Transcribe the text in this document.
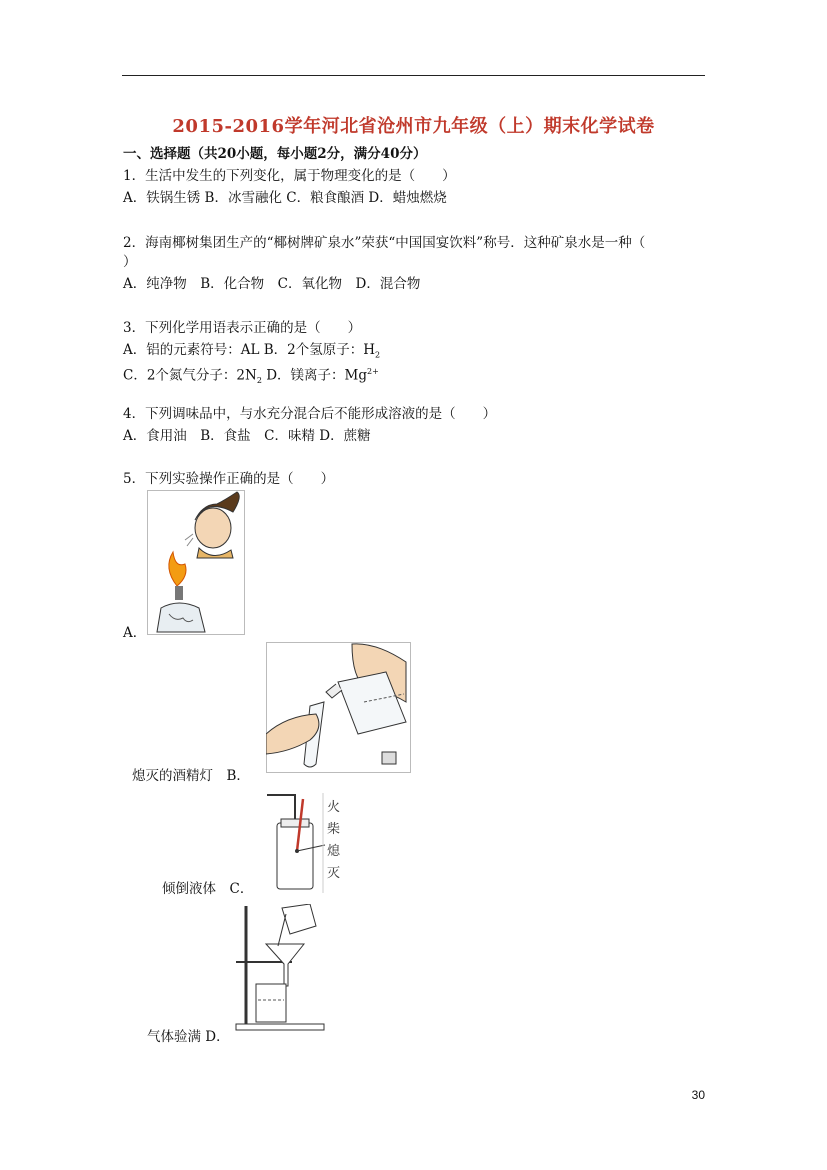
2015-2016学年河北省沧州市九年级（上）期末化学试卷
一、选择题（共20小题，每小题2分，满分40分）
1．生活中发生的下列变化，属于物理变化的是（　　）
A．铁锅生锈 B．冰雪融化 C．粮食酿酒 D．蜡烛燃烧
2．海南椰树集团生产的“椰树牌矿泉水”荣获“中国国宴饮料”称号．这种矿泉水是一种（
）
A．纯净物　B．化合物　C．氧化物　D．混合物
3．下列化学用语表示正确的是（　　）
A．铝的元素符号：AL B．2个氢原子：$H_2$
C．2个氮气分子：$2N_2$ D．镁离子：$Mg^{2+}$
4．下列调味品中，与水充分混合后不能形成溶液的是（　　）
A．食用油　B．食盐　C．味精 D．蔗糖
5．下列实验操作正确的是（　　）
A．
熄灭的酒精灯　B．
火
柴
熄
灭
倾倒液体　C．
气体验满 D．
30
